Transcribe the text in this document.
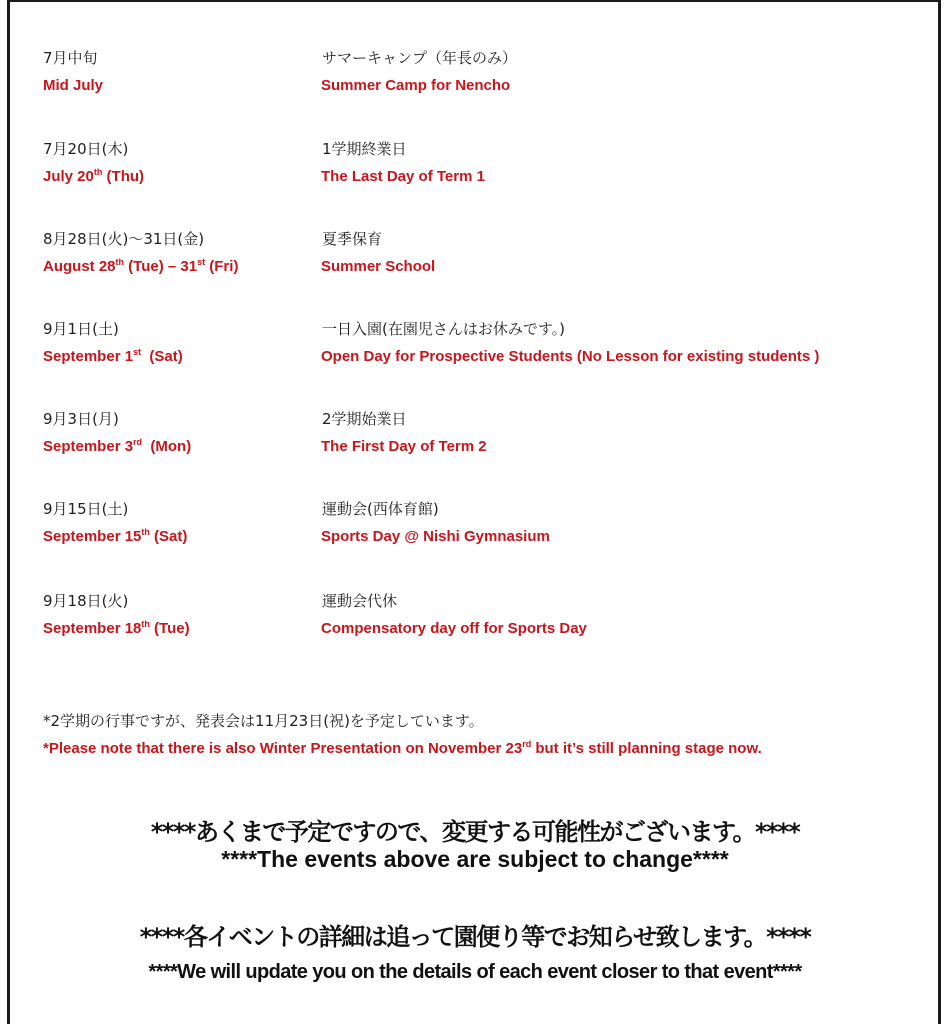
7月中旬	サマーキャンプ（年長のみ）
Mid July	Summer Camp for Nencho
7月20日(木)	1学期終業日
July 20th (Thu)	The Last Day of Term 1
8月28日(火)～31日(金)	夏季保育
August 28th (Tue) – 31st (Fri)	Summer School
9月1日(土)	一日入園(在園児さんはお休みです。)
September 1st  (Sat)	Open Day for Prospective Students (No Lesson for existing students )
9月3日(月)	2学期始業日
September 3rd  (Mon)	The First Day of Term 2
9月15日(土)	運動会(西体育館)
September 15th (Sat)	Sports Day @ Nishi Gymnasium
9月18日(火)	運動会代休
September 18th (Tue)	Compensatory day off for Sports Day
*2学期の行事ですが、発表会は11月23日(祝)を予定しています。
*Please note that there is also Winter Presentation on November 23rd but it’s still planning stage now.
****あくまで予定ですので、変更する可能性がございます。****
****The events above are subject to change****
****各イベントの詳細は追って園便り等でお知らせ致します。****
****We will update you on the details of each event closer to that event****
